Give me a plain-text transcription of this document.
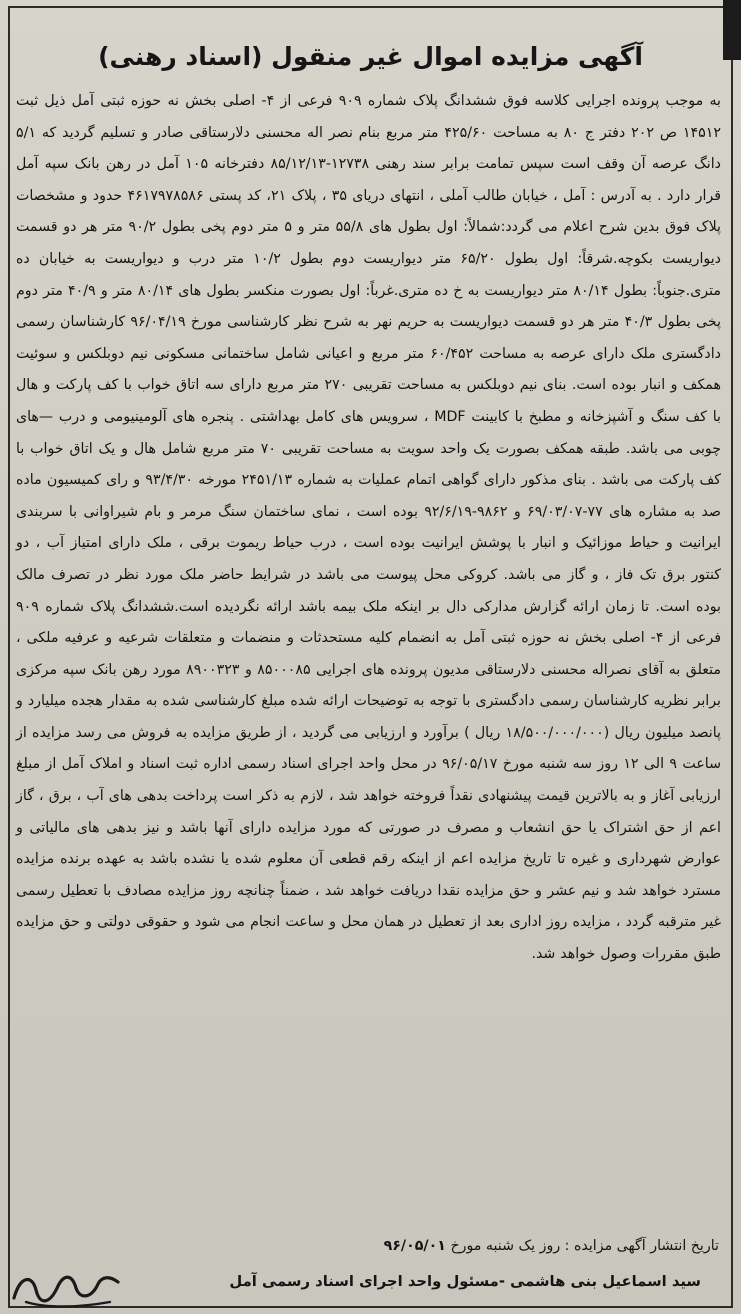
آگهی مزایده اموال غیر منقول (اسناد رهنی)

به موجب پرونده اجرایی کلاسه فوق ششدانگ پلاک شماره ۹۰۹ فرعی از ۴- اصلی بخش نه حوزه ثبتی آمل ذیل ثبت ۱۴۵۱۲ ص ۲۰۲ دفتر ج ۸۰ به مساحت ۴۲۵/۶۰ متر مربع بنام نصر اله محسنی دلارستاقی صادر و تسلیم گردید که ۵/۱ دانگ عرصه آن وقف است سپس تمامت برابر سند رهنی ۱۲۷۳۸-۸۵/۱۲/۱۳ دفترخانه ۱۰۵ آمل در رهن بانک سپه آمل قرار دارد . به آدرس : آمل ، خیابان طالب آملی ، انتهای دریای ۳۵ ، پلاک ۲۱، کد پستی ۴۶۱۷۹۷۸۵۸۶ حدود و مشخصات پلاک فوق بدین شرح اعلام می گردد:شمالاً: اول بطول های ۵۵/۸ متر و ۵ متر دوم پخی بطول ۹۰/۲ متر هر دو قسمت دیواریست بکوچه.شرقاً: اول بطول ۶۵/۲۰ متر دیواریست دوم بطول ۱۰/۲ متر درب و دیواریست به خیابان ده متری.جنوباً: بطول ۸۰/۱۴ متر دیواریست به خ ده متری.غرباً: اول بصورت منکسر بطول های ۸۰/۱۴ متر و ۴۰/۹ متر دوم پخی بطول ۴۰/۳ متر هر دو قسمت دیواریست به حریم نهر به شرح نظر کارشناسی مورخ ۹۶/۰۴/۱۹ کارشناسان رسمی دادگستری ملک دارای عرصه به مساحت ۶۰/۴۵۲ متر مربع و اعیانی شامل ساختمانی مسکونی نیم دوبلکس و سوئیت همکف و انبار بوده است. بنای نیم دوبلکس به مساحت تقریبی ۲۷۰ متر مربع دارای سه اتاق خواب با کف پارکت و هال با کف سنگ و آشپزخانه و مطبخ با کابینت MDF ، سرویس های کامل بهداشتی . پنجره های آلومینیومی و درب —های چوبی می باشد. طبقه همکف بصورت یک واحد سویت به مساحت تقریبی ۷۰ متر مربع شامل هال و یک اتاق خواب با کف پارکت می باشد . بنای مذکور دارای گواهی اتمام عملیات به شماره ۲۴۵۱/۱۳ مورخه ۹۳/۴/۳۰ و رای کمیسیون ماده صد به مشاره های ۷۷-۶۹/۰۳/۰۷ و ۹۸۶۲-۹۲/۶/۱۹ بوده است ، نمای ساختمان سنگ مرمر و بام شیراوانی با سربندی ایرانیت و حیاط موزائیک و انبار با پوشش ایرانیت بوده است ، درب حیاط ریموت برقی ، ملک دارای امتیاز آب ، دو کنتور برق تک فاز ، و گاز می باشد. کروکی محل پیوست می باشد در شرایط حاضر ملک مورد نظر در تصرف مالک بوده است. تا زمان ارائه گزارش مدارکی دال بر اینکه ملک بیمه باشد ارائه نگردیده است.ششدانگ پلاک شماره ۹۰۹ فرعی از ۴- اصلی بخش نه حوزه ثبتی آمل به انضمام کلیه مستحدثات و منضمات و متعلقات شرعیه و عرفیه ملکی ، متعلق به آقای نصراله محسنی دلارستاقی مدیون پرونده های اجرایی ۸۵۰۰۰۸۵ و ۸۹۰۰۳۲۳ مورد رهن بانک سپه مرکزی برابر نظریه کارشناسان رسمی دادگستری با توجه به توضیحات ارائه شده مبلغ کارشناسی شده به مقدار هجده میلیارد و پانصد میلیون ریال (۱۸/۵۰۰/۰۰۰/۰۰۰ ریال ) برآورد و ارزیابی می گردید ، از طریق مزایده به فروش می رسد مزایده از ساعت ۹ الی ۱۲ روز سه شنبه مورخ ۹۶/۰۵/۱۷ در محل واحد اجرای اسناد رسمی اداره ثبت اسناد و املاک آمل از مبلغ ارزیابی آغاز و به بالاترین قیمت پیشنهادی نقداً فروخته خواهد شد ، لازم به ذکر است پرداخت بدهی های آب ، برق ، گاز اعم از حق اشتراک یا حق انشعاب و مصرف در صورتی که مورد مزایده دارای آنها باشد و نیز بدهی های مالیاتی و عوارض شهرداری و غیره تا تاریخ مزایده اعم از اینکه رقم قطعی آن معلوم شده یا نشده باشد به عهده برنده مزایده مسترد خواهد شد و نیم عشر و حق مزایده نقدا دریافت خواهد شد ، ضمناً چنانچه روز مزایده مصادف با تعطیل رسمی غیر مترقبه گردد ، مزایده روز اداری بعد از تعطیل در همان محل و ساعت انجام می شود و حقوقی دولتی و حق مزایده طبق مقررات وصول خواهد شد.

تاریخ انتشار آگهی مزایده : روز یک شنبه مورخ ۹۶/۰۵/۰۱
سید اسماعیل بنی هاشمی -مسئول واحد اجرای اسناد رسمی آمل
